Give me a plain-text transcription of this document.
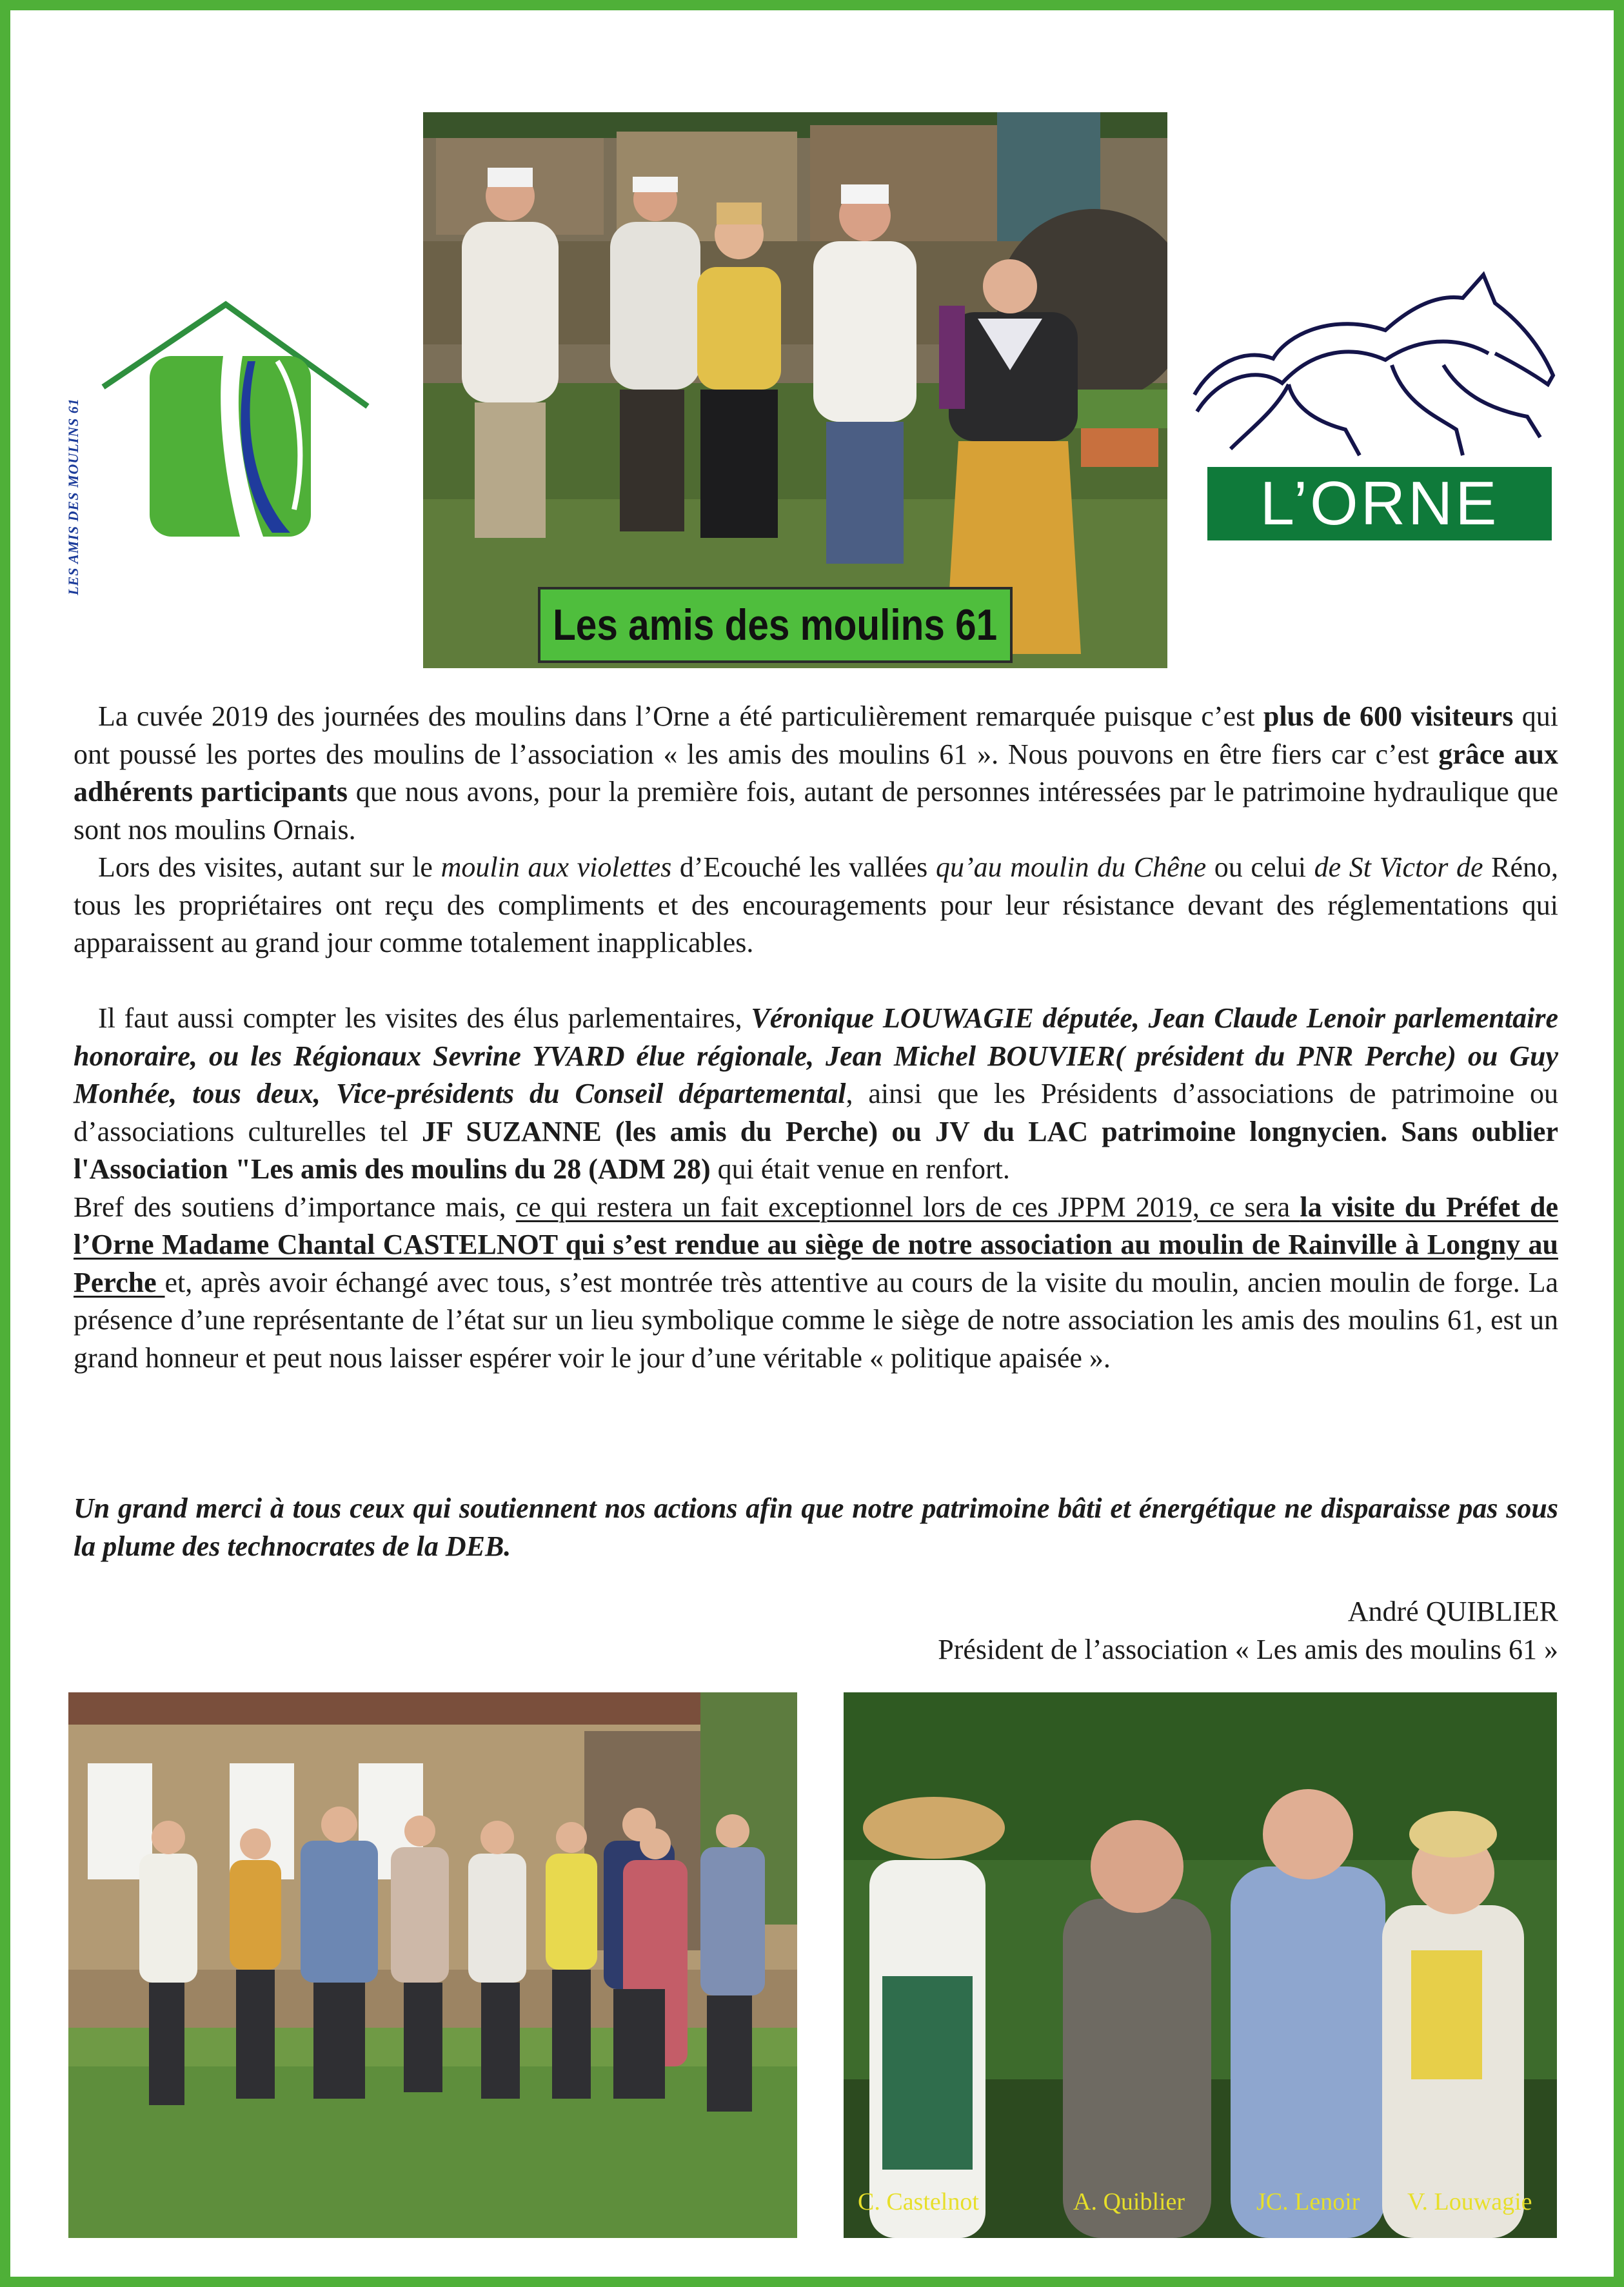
LES AMIS DES MOULINS 61
Les amis des moulins 61
L’ORNE

La cuvée 2019 des journées des moulins dans l’Orne a été particulièrement remarquée puisque c’est plus de 600 visiteurs qui ont poussé les portes des moulins de l’association « les amis des moulins 61 ». Nous pouvons en être fiers car c’est grâce aux adhérents participants que nous avons, pour la première fois, autant de personnes intéressées par le patrimoine hydraulique que sont nos moulins Ornais.

Lors des visites, autant sur le moulin aux violettes d’Ecouché les vallées qu’au moulin du Chêne ou celui de St Victor de Réno, tous les propriétaires ont reçu des compliments et des encouragements pour leur résistance devant des réglementations qui apparaissent au grand jour comme totalement inapplicables.

Il faut aussi compter les visites des élus parlementaires, Véronique LOUWAGIE députée, Jean Claude Lenoir parlementaire honoraire, ou les Régionaux Sevrine YVARD élue régionale, Jean Michel BOUVIER( président du PNR Perche) ou Guy Monhée, tous deux, Vice-présidents du Conseil départemental, ainsi que les Présidents d’associations de patrimoine ou d’associations culturelles tel JF SUZANNE (les amis du Perche) ou JV du LAC patrimoine longnycien. Sans oublier l'Association "Les amis des moulins du 28 (ADM 28) qui était venue en renfort.

Bref des soutiens d’importance mais, ce qui restera un fait exceptionnel lors de ces JPPM 2019, ce sera la visite du Préfet de l’Orne Madame Chantal CASTELNOT qui s’est rendue au siège de notre association au moulin de Rainville à Longny au Perche et, après avoir échangé avec tous, s’est montrée très attentive au cours de la visite du moulin, ancien moulin de forge. La présence d’une représentante de l’état sur un lieu symbolique comme le siège de notre association les amis des moulins 61, est un grand honneur et peut nous laisser espérer voir le jour d’une véritable « politique apaisée ».

Un grand merci à tous ceux qui soutiennent nos actions afin que notre patrimoine bâti et énergétique ne disparaisse pas sous la plume des technocrates de la DEB.
André QUIBLIER
Président de l’association « Les amis des moulins 61 »
C. Castelnot	A. Quiblier	JC. Lenoir V. Louwagie
